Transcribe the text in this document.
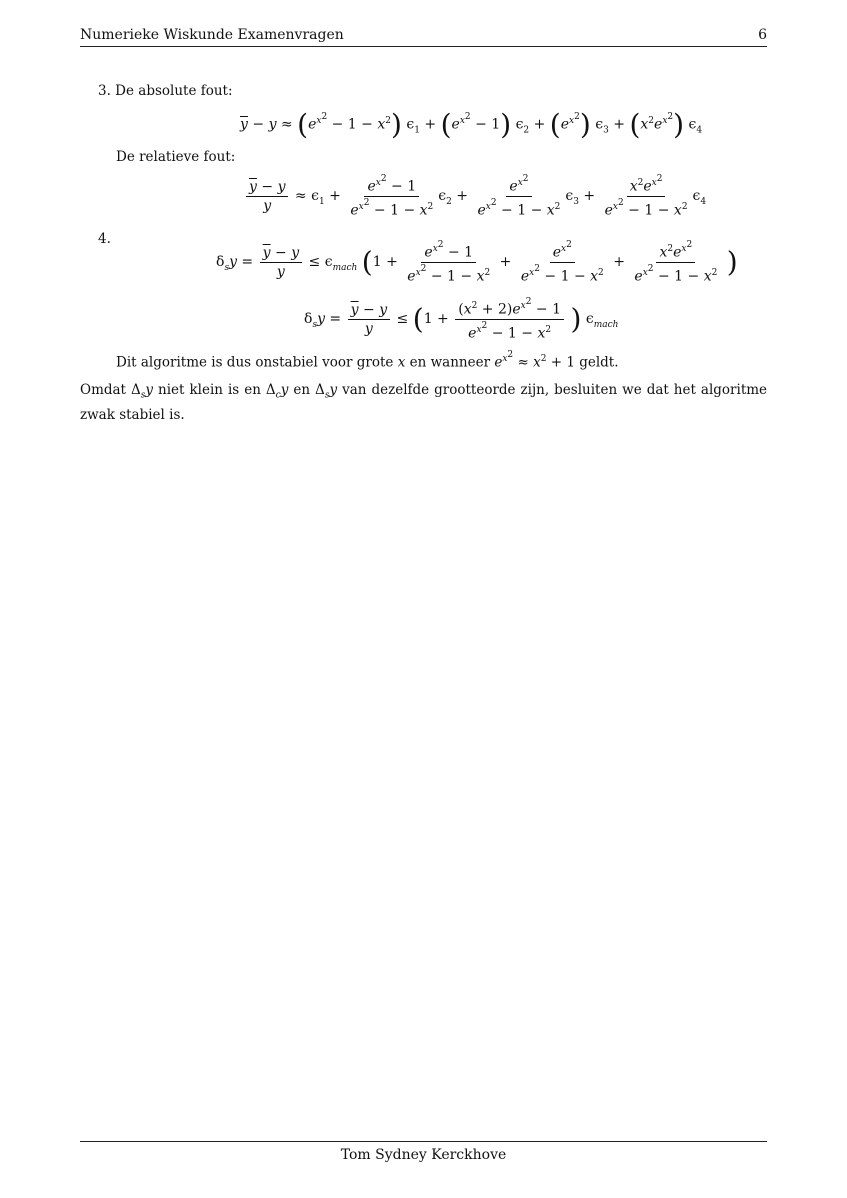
Numerieke Wiskunde Examenvragen	6
3. De absolute fout:
$\overline{y} - y \approx (e^{x^2} - 1 - x^2) \epsilon_1 + (e^{x^2} - 1) \epsilon_2 + (e^{x^2}) \epsilon_3 + (x^2e^{x^2})$ $\epsilon_4$
De relatieve fout:
$\frac{\overline{y} - y}{y} \approx \epsilon_1 + \frac{e^{x^2} - 1}{e^{x^2} - 1 - x^2} \epsilon_2 + \frac{e^{x^2}}{e^{x^2} - 1 - x^2} \epsilon_3 + \frac{x^2e^{x^2}}{e^{x^2} - 1 - x^2} \epsilon_4$
4.
$\delta_sy = \frac{\overline{y} - y}{y} \le \epsilon_{mach}$ ($1 + \frac{e^{x^2} - 1}{e^{x^2} - 1 - x^2} + \frac{e^{x^2}}{e^{x^2} - 1 - x^2} + \frac{x^2e^{x^2}}{e^{x^2} - 1 - x^2}$ )
$\delta_sy = \frac{\overline{y} - y}{y} \le (1 + \frac{(x^2 + 2)e^{x^2} - 1}{e^{x^2} - 1 - x^2}$ ) $\epsilon_{mach}$
Dit algoritme is dus onstabiel voor grote x en wanneer $e^{x^2} \approx x^2 + 1$ geldt.
Omdat $\Delta_sy$ niet klein is en $\Delta_cy$ en $\Delta_sy$ van dezelfde grootteorde zijn, besluiten we dat het algoritme zwak stabiel is.
Tom Sydney Kerckhove
